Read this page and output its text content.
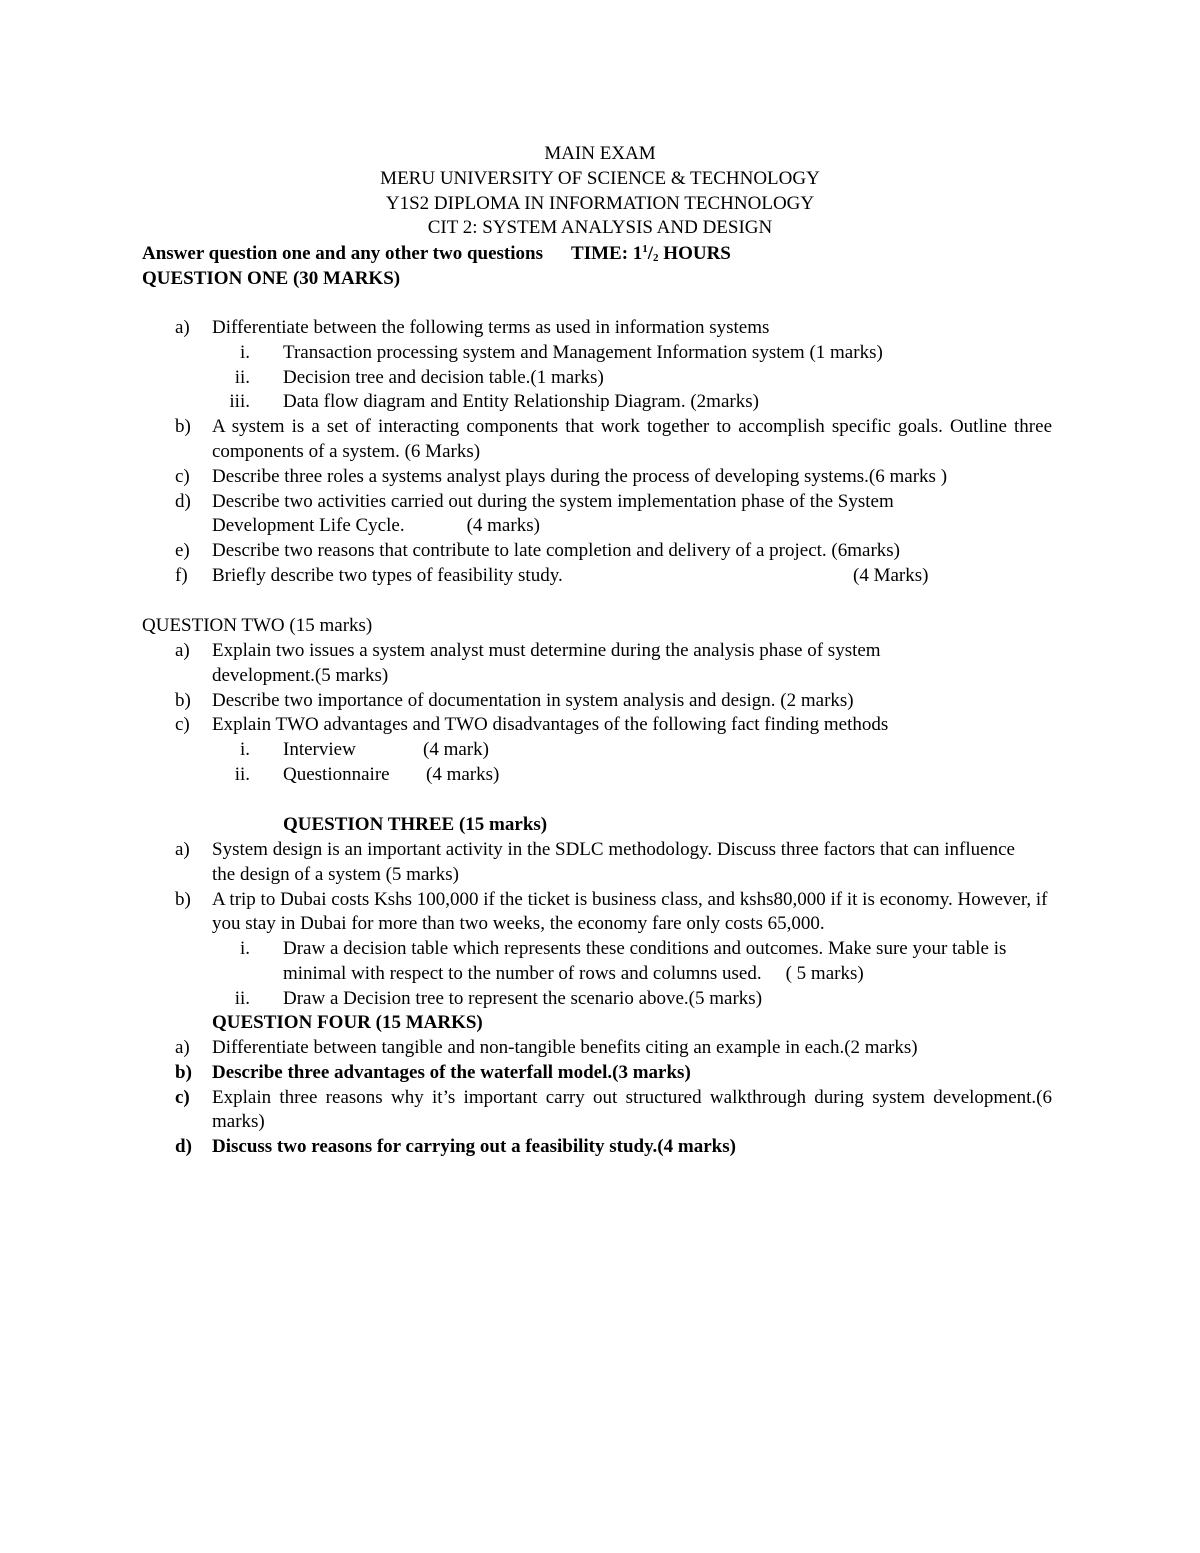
MAIN EXAM
MERU UNIVERSITY OF SCIENCE & TECHNOLOGY
Y1S2 DIPLOMA IN INFORMATION TECHNOLOGY
CIT 2: SYSTEM ANALYSIS AND DESIGN
Answer question one and any other two questions TIME: $1^1/_2$ HOURS
QUESTION ONE (30 MARKS)
a) Differentiate between the following terms as used in information systems
i. Transaction processing system and Management Information system (1 marks)
ii. Decision tree and decision table.(1 marks)
iii. Data flow diagram and Entity Relationship Diagram. (2marks)
b) A system is a set of interacting components that work together to accomplish specific goals. Outline three components of a system. (6 Marks)
c) Describe three roles a systems analyst plays during the process of developing systems.(6 marks )
d) Describe two activities carried out during the system implementation phase of the System Development Life Cycle.	(4 marks)
e) Describe two reasons that contribute to late completion and delivery of a project. (6marks)
f) Briefly describe two types of feasibility study.	(4 Marks)
QUESTION TWO (15 marks)
a) Explain two issues a system analyst must determine during the analysis phase of system development.(5 marks)
b) Describe two importance of documentation in system analysis and design. (2 marks)
c) Explain TWO advantages and TWO disadvantages of the following fact finding methods
i. Interview	(4 mark)
ii. Questionnaire (4 marks)
QUESTION THREE (15 marks)
a) System design is an important activity in the SDLC methodology. Discuss three factors that can influence the design of a system (5 marks)
b) A trip to Dubai costs Kshs 100,000 if the ticket is business class, and kshs80,000 if it is economy. However, if you stay in Dubai for more than two weeks, the economy fare only costs 65,000.
i. Draw a decision table which represents these conditions and outcomes. Make sure your table is minimal with respect to the number of rows and columns used. ( 5 marks)
ii. Draw a Decision tree to represent the scenario above.(5 marks)
QUESTION FOUR (15 MARKS)
a) Differentiate between tangible and non-tangible benefits citing an example in each.(2 marks)
b) Describe three advantages of the waterfall model.(3 marks)
c) Explain three reasons why it’s important carry out structured walkthrough during system development.(6 marks)
d) Discuss two reasons for carrying out a feasibility study.(4 marks)
